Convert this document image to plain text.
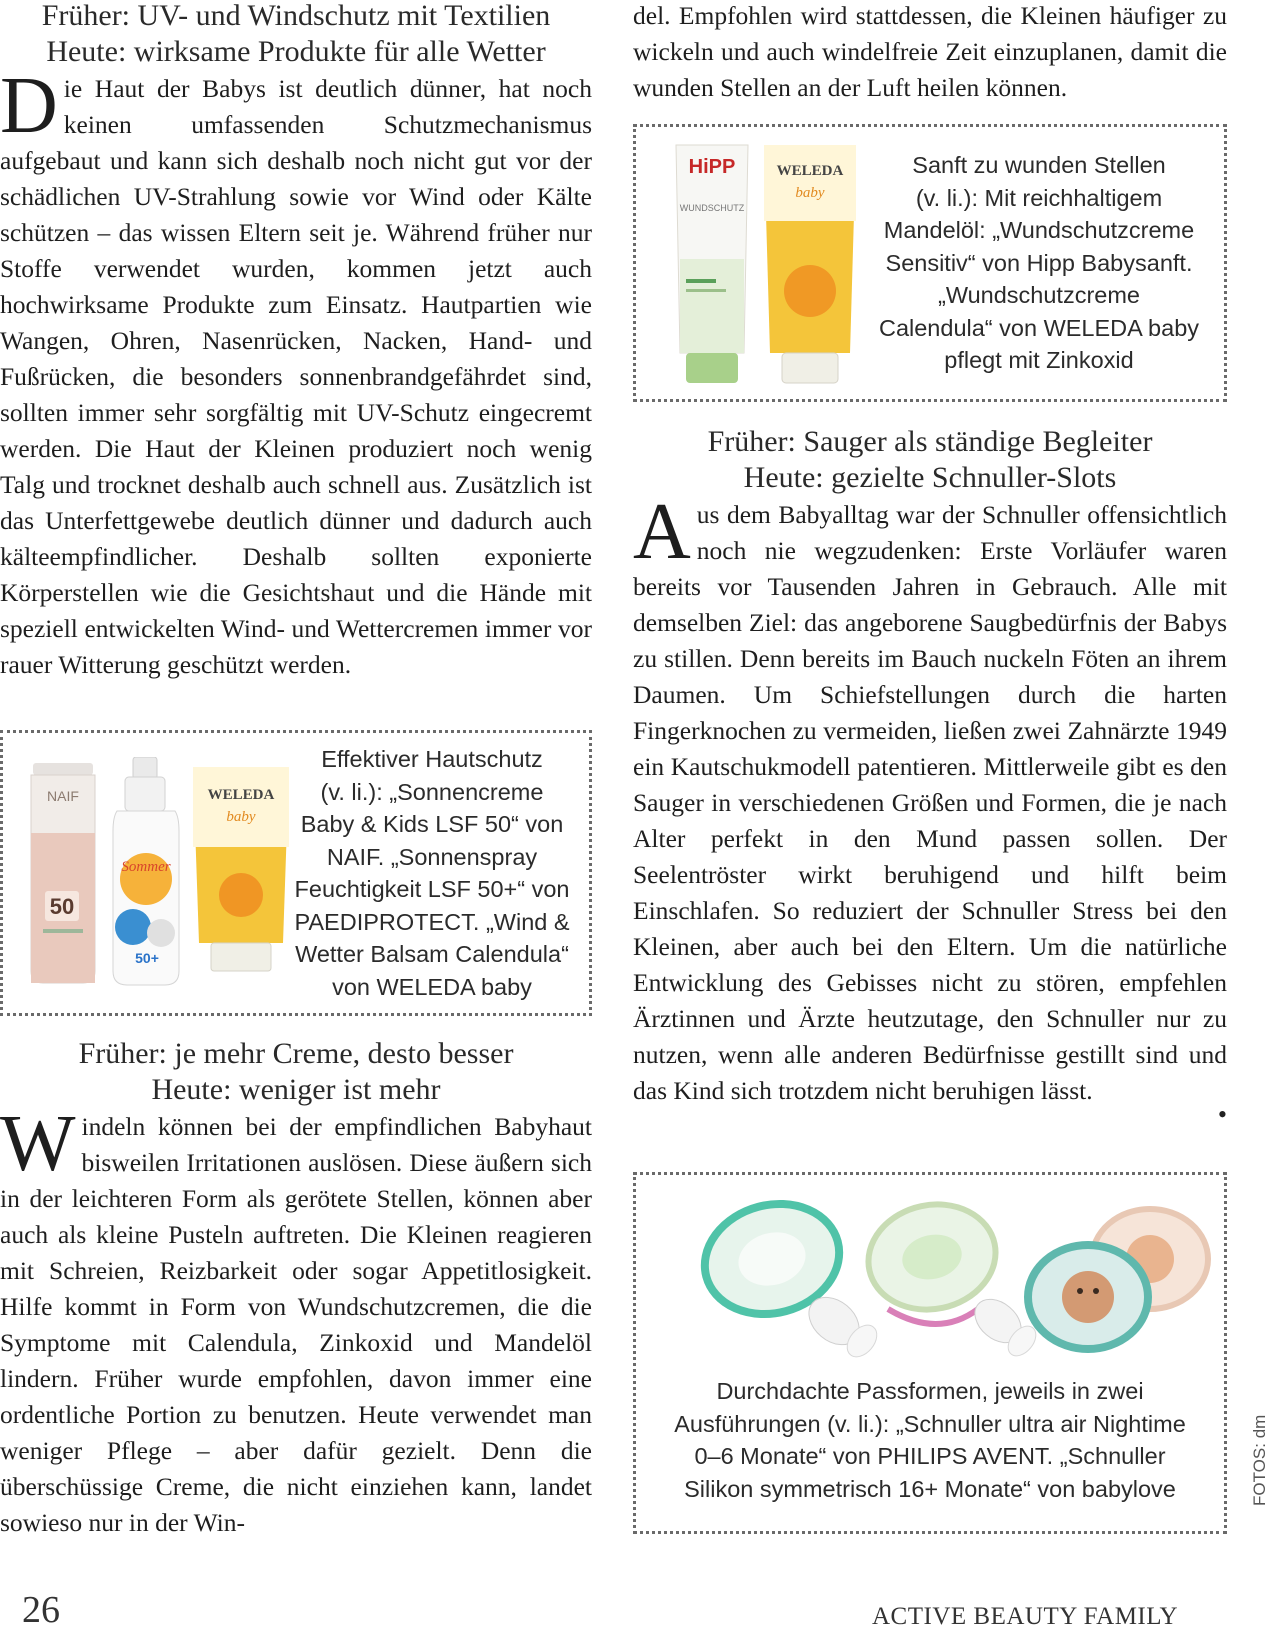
Früher: UV- und Windschutz mit Textilien
Heute: wirksame Produkte für alle Wetter

Die Haut der Babys ist deutlich dünner, hat noch keinen umfassenden Schutzmechanismus aufgebaut und kann sich deshalb noch nicht gut vor der schädlichen UV-Strahlung sowie vor Wind oder Kälte schützen – das wissen Eltern seit je. Während früher nur Stoffe verwendet wurden, kommen jetzt auch hochwirksame Produkte zum Einsatz. Hautpartien wie Wangen, Ohren, Nasenrücken, Nacken, Hand- und Fußrücken, die besonders sonnenbrandgefährdet sind, sollten immer sehr sorgfältig mit UV-Schutz eingecremt werden. Die Haut der Kleinen produziert noch wenig Talg und trocknet deshalb auch schnell aus. Zusätzlich ist das Unterfettgewebe deutlich dünner und dadurch auch kälteempfindlicher. Deshalb sollten exponierte Körperstellen wie die Gesichtshaut und die Hände mit speziell entwickelten Wind- und Wettercremen immer vor rauer Witterung geschützt werden.

NAIF
50
Sommer
50+
WELEDA
baby
Effektiver Hautschutz
(v. li.): „Sonnencreme
Baby & Kids LSF 50“ von
NAIF. „Sonnenspray
Feuchtigkeit LSF 50+“ von
PAEDIPROTECT. „Wind &
Wetter Balsam Calendula“
von WELEDA baby
Früher: je mehr Creme, desto besser
Heute: weniger ist mehr

Windeln können bei der empfindlichen Babyhaut bisweilen Irritationen auslösen. Diese äußern sich in der leichteren Form als gerötete Stellen, können aber auch als kleine Pusteln auftreten. Die Kleinen reagieren mit Schreien, Reizbarkeit oder sogar Appetitlosigkeit. Hilfe kommt in Form von Wundschutzcremen, die die Symptome mit Calendula, Zinkoxid und Mandelöl lindern. Früher wurde empfohlen, davon immer eine ordentliche Portion zu benutzen. Heute verwendet man weniger Pflege – aber dafür gezielt. Denn die überschüssige Creme, die nicht einziehen kann, landet sowieso nur in der Win-

del. Empfohlen wird stattdessen, die Kleinen häufiger zu wickeln und auch windelfreie Zeit einzuplanen, damit die wunden Stellen an der Luft heilen können.

HiPP
WUNDSCHUTZ
WELEDA
baby
Sanft zu wunden Stellen
(v. li.): Mit reichhaltigem
Mandelöl: „Wundschutzcreme
Sensitiv“ von Hipp Babysanft.
„Wundschutzcreme
Calendula“ von WELEDA baby
pflegt mit Zinkoxid
Früher: Sauger als ständige Begleiter
Heute: gezielte Schnuller-Slots

Aus dem Babyalltag war der Schnuller offensichtlich noch nie wegzudenken: Erste Vorläufer waren bereits vor Tausenden Jahren in Gebrauch. Alle mit demselben Ziel: das angeborene Saugbedürfnis der Babys zu stillen. Denn bereits im Bauch nuckeln Föten an ihrem Daumen. Um Schiefstellungen durch die harten Fingerknochen zu vermeiden, ließen zwei Zahnärzte 1949 ein Kautschukmodell patentieren. Mittlerweile gibt es den Sauger in verschiedenen Größen und Formen, die je nach Alter perfekt in den Mund passen sollen. Der Seelentröster wirkt beruhigend und hilft beim Einschlafen. So reduziert der Schnuller Stress bei den Kleinen, aber auch bei den Eltern. Um die natürliche Entwicklung des Gebisses nicht zu stören, empfehlen Ärztinnen und Ärzte heutzutage, den Schnuller nur zu nutzen, wenn alle anderen Bedürfnisse gestillt sind und das Kind sich trotzdem nicht beruhigen lässt.

•
Durchdachte Passformen, jeweils in zwei
Ausführungen (v. li.): „Schnuller ultra air Nightime
0–6 Monate“ von PHILIPS AVENT. „Schnuller
Silikon symmetrisch 16+ Monate“ von babylove	FOTOS: dm
26	ACTIVE BEAUTY FAMILY
